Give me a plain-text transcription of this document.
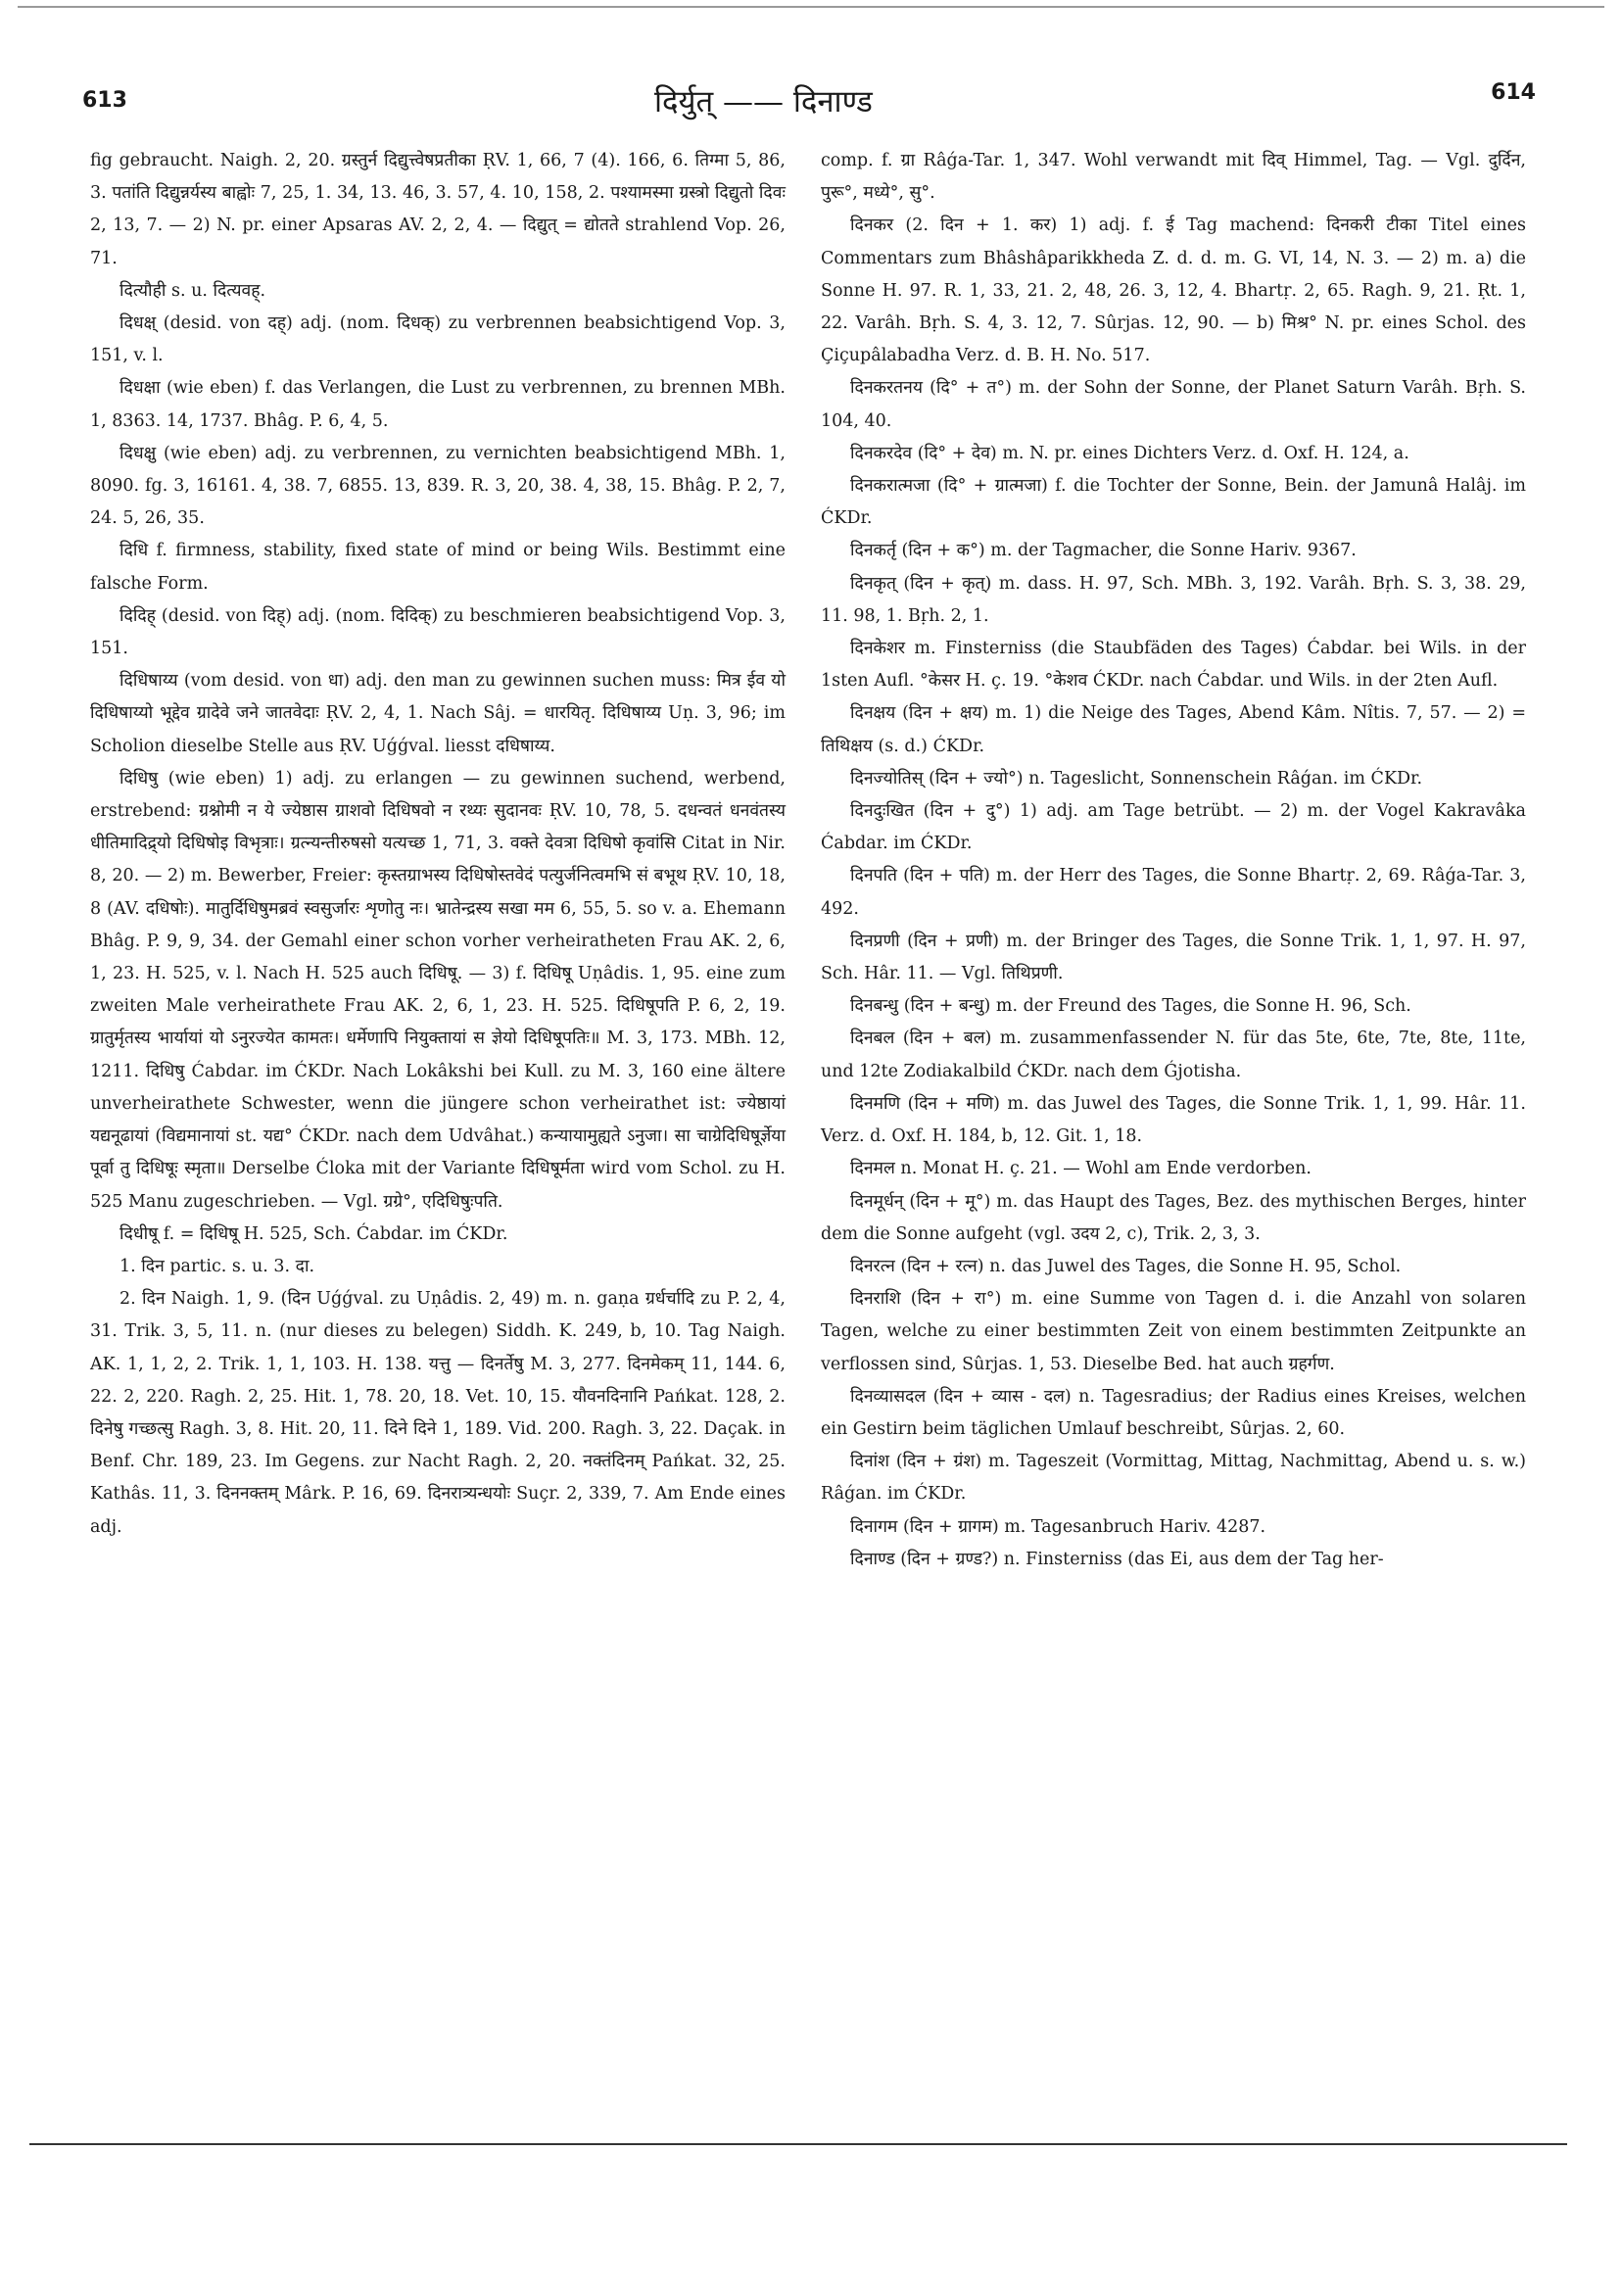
613	दिर्युत् —— दिनाण्ड	614

fig gebraucht. Naigh. 2, 20. ग्रस्तुर्न दिद्युत्त्वेषप्रतीका ṚV. 1, 66, 7 (4). 166, 6. तिग्मा 5, 86, 3. पतांति दिद्युन्नर्यस्य बाह्वोः 7, 25, 1. 34, 13. 46, 3. 57, 4. 10, 158, 2. पश्यामस्मा ग्रस्त्रो दिद्युतो दिवः 2, 13, 7. — 2) N. pr. einer Apsaras AV. 2, 2, 4. — दिद्युत् = द्योतते strahlend Vop. 26, 71.

दित्यौही s. u. दित्यवह्.

दिधक्ष् (desid. von दह्) adj. (nom. दिधक्) zu verbrennen beabsichtigend Vop. 3, 151, v. l.

दिधक्षा (wie eben) f. das Verlangen, die Lust zu verbrennen, zu brennen MBh. 1, 8363. 14, 1737. Bhâg. P. 6, 4, 5.

दिधक्षु (wie eben) adj. zu verbrennen, zu vernichten beabsichtigend MBh. 1, 8090. fg. 3, 16161. 4, 38. 7, 6855. 13, 839. R. 3, 20, 38. 4, 38, 15. Bhâg. P. 2, 7, 24. 5, 26, 35.

दिधि f. firmness, stability, fixed state of mind or being Wils. Bestimmt eine falsche Form.

दिदिह् (desid. von दिह्) adj. (nom. दिदिक्) zu beschmieren beabsichtigend Vop. 3, 151.

दिधिषाय्य (vom desid. von धा) adj. den man zu gewinnen suchen muss: मित्र ईव यो दिधिषाय्यो भूद्देव ग्रादेवे जने जातवेदाः ṚV. 2, 4, 1. Nach Sâj. = धारयितृ. दिधिषाय्य Uṇ. 3, 96; im Scholion dieselbe Stelle aus ṚV. Uǵǵval. liesst दधिषाय्य.

दिधिषु (wie eben) 1) adj. zu erlangen — zu gewinnen suchend, werbend, erstrebend: ग्रश्नोमी न ये ज्येष्ठास ग्राशवो दिधिषवो न रथ्यः सुदानवः ṚV. 10, 78, 5. दधन्वतं धनवंतस्य धीतिमादिद्र्यो दिधिषोइ विभृत्राः। ग्रत्न्यन्तीरुषसो यत्यच्छ 1, 71, 3. वक्ते देवत्रा दिधिषो कृवांसि Citat in Nir. 8, 20. — 2) m. Bewerber, Freier: कृस्तग्राभस्य दिधिषोस्तवेदं पत्युर्जनित्वमभि सं बभूथ ṚV. 10, 18, 8 (AV. दधिषोः). मातुर्दिधिषुमब्रवं स्वसुर्जारः शृणोतु नः। भ्रातेन्द्रस्य सखा मम 6, 55, 5. so v. a. Ehemann Bhâg. P. 9, 9, 34. der Gemahl einer schon vorher verheiratheten Frau AK. 2, 6, 1, 23. H. 525, v. l. Nach H. 525 auch दिधिषू. — 3) f. दिधिषू Uṇâdis. 1, 95. eine zum zweiten Male verheirathete Frau AK. 2, 6, 1, 23. H. 525. दिधिषूपति P. 6, 2, 19. ग्रातुर्मृतस्य भार्यायां यो ऽनुरज्येत कामतः। धर्मेणापि नियुक्तायां स ज्ञेयो दिधिषूपतिः॥ M. 3, 173. MBh. 12, 1211. दिधिषु Ćabdar. im ĆKDr. Nach Lokâkshi bei Kull. zu M. 3, 160 eine ältere unverheirathete Schwester, wenn die jüngere schon verheirathet ist: ज्येष्ठायां यद्यनूढायां (विद्यमानायां st. यद्य° ĆKDr. nach dem Udvâhat.) कन्यायामुह्यते ऽनुजा। सा चाग्रेदिधिषूर्ज्ञेया पूर्वा तु दिधिषूः स्मृता॥ Derselbe Ćloka mit der Variante दिधिषूर्मता wird vom Schol. zu H. 525 Manu zugeschrieben. — Vgl. ग्रग्रे°, एदिधिषुःपति.

दिधीषू f. = दिधिषू H. 525, Sch. Ćabdar. im ĆKDr.

1. दिन partic. s. u. 3. दा.

2. दिन Naigh. 1, 9. (दिन Uǵǵval. zu Uṇâdis. 2, 49) m. n. gaṇa ग्रर्धर्चादि zu P. 2, 4, 31. Trik. 3, 5, 11. n. (nur dieses zu belegen) Siddh. K. 249, b, 10. Tag Naigh. AK. 1, 1, 2, 2. Trik. 1, 1, 103. H. 138. यत्तु — दिनर्तेषु M. 3, 277. दिनमेकम् 11, 144. 6, 22. 2, 220. Ragh. 2, 25. Hit. 1, 78. 20, 18. Vet. 10, 15. यौवनदिनानि Pańkat. 128, 2. दिनेषु गच्छत्सु Ragh. 3, 8. Hit. 20, 11. दिने दिने 1, 189. Vid. 200. Ragh. 3, 22. Daçak. in Benf. Chr. 189, 23. Im Gegens. zur Nacht Ragh. 2, 20. नक्तंदिनम् Pańkat. 32, 25. Kathâs. 11, 3. दिननक्तम् Mârk. P. 16, 69. दिनरात्र्यन्धयोः Suçr. 2, 339, 7. Am Ende eines adj.

comp. f. ग्रा Râǵa-Tar. 1, 347. Wohl verwandt mit दिव् Himmel, Tag. — Vgl. दुर्दिन, पुरू°, मध्ये°, सु°.

दिनकर (2. दिन + 1. कर) 1) adj. f. ई Tag machend: दिनकरी टीका Titel eines Commentars zum Bhâshâparikkheda Z. d. d. m. G. VI, 14, N. 3. — 2) m. a) die Sonne H. 97. R. 1, 33, 21. 2, 48, 26. 3, 12, 4. Bhartṛ. 2, 65. Ragh. 9, 21. Ṛt. 1, 22. Varâh. Bṛh. S. 4, 3. 12, 7. Sûrjas. 12, 90. — b) मिश्र° N. pr. eines Schol. des Çiçupâlabadha Verz. d. B. H. No. 517.

दिनकरतनय (दि° + त°) m. der Sohn der Sonne, der Planet Saturn Varâh. Bṛh. S. 104, 40.

दिनकरदेव (दि° + देव) m. N. pr. eines Dichters Verz. d. Oxf. H. 124, a.

दिनकरात्मजा (दि° + ग्रात्मजा) f. die Tochter der Sonne, Bein. der Jamunâ Halâj. im ĆKDr.

दिनकर्तृ (दिन + क°) m. der Tagmacher, die Sonne Hariv. 9367.

दिनकृत् (दिन + कृत्) m. dass. H. 97, Sch. MBh. 3, 192. Varâh. Bṛh. S. 3, 38. 29, 11. 98, 1. Bṛh. 2, 1.

दिनकेशर m. Finsterniss (die Staubfäden des Tages) Ćabdar. bei Wils. in der 1sten Aufl. °केसर H. ç. 19. °केशव ĆKDr. nach Ćabdar. und Wils. in der 2ten Aufl.

दिनक्षय (दिन + क्षय) m. 1) die Neige des Tages, Abend Kâm. Nîtis. 7, 57. — 2) = तिथिक्षय (s. d.) ĆKDr.

दिनज्योतिस् (दिन + ज्यो°) n. Tageslicht, Sonnenschein Râǵan. im ĆKDr.

दिनदुःखित (दिन + दु°) 1) adj. am Tage betrübt. — 2) m. der Vogel Kakravâka Ćabdar. im ĆKDr.

दिनपति (दिन + पति) m. der Herr des Tages, die Sonne Bhartṛ. 2, 69. Râǵa-Tar. 3, 492.

दिनप्रणी (दिन + प्रणी) m. der Bringer des Tages, die Sonne Trik. 1, 1, 97. H. 97, Sch. Hâr. 11. — Vgl. तिथिप्रणी.

दिनबन्धु (दिन + बन्धु) m. der Freund des Tages, die Sonne H. 96, Sch.

दिनबल (दिन + बल) m. zusammenfassender N. für das 5te, 6te, 7te, 8te, 11te, und 12te Zodiakalbild ĆKDr. nach dem Ǵjotisha.

दिनमणि (दिन + मणि) m. das Juwel des Tages, die Sonne Trik. 1, 1, 99. Hâr. 11. Verz. d. Oxf. H. 184, b, 12. Git. 1, 18.

दिनमल n. Monat H. ç. 21. — Wohl am Ende verdorben.

दिनमूर्धन् (दिन + मू°) m. das Haupt des Tages, Bez. des mythischen Berges, hinter dem die Sonne aufgeht (vgl. उदय 2, c), Trik. 2, 3, 3.

दिनरत्न (दिन + रत्न) n. das Juwel des Tages, die Sonne H. 95, Schol.

दिनराशि (दिन + रा°) m. eine Summe von Tagen d. i. die Anzahl von solaren Tagen, welche zu einer bestimmten Zeit von einem bestimmten Zeitpunkte an verflossen sind, Sûrjas. 1, 53. Dieselbe Bed. hat auch ग्रहर्गण.

दिनव्यासदल (दिन + व्यास - दल) n. Tagesradius; der Radius eines Kreises, welchen ein Gestirn beim täglichen Umlauf beschreibt, Sûrjas. 2, 60.

दिनांश (दिन + ग्रंश) m. Tageszeit (Vormittag, Mittag, Nachmittag, Abend u. s. w.) Râǵan. im ĆKDr.

दिनागम (दिन + ग्रागम) m. Tagesanbruch Hariv. 4287.

दिनाण्ड (दिन + ग्रण्ड?) n. Finsterniss (das Ei, aus dem der Tag her-
